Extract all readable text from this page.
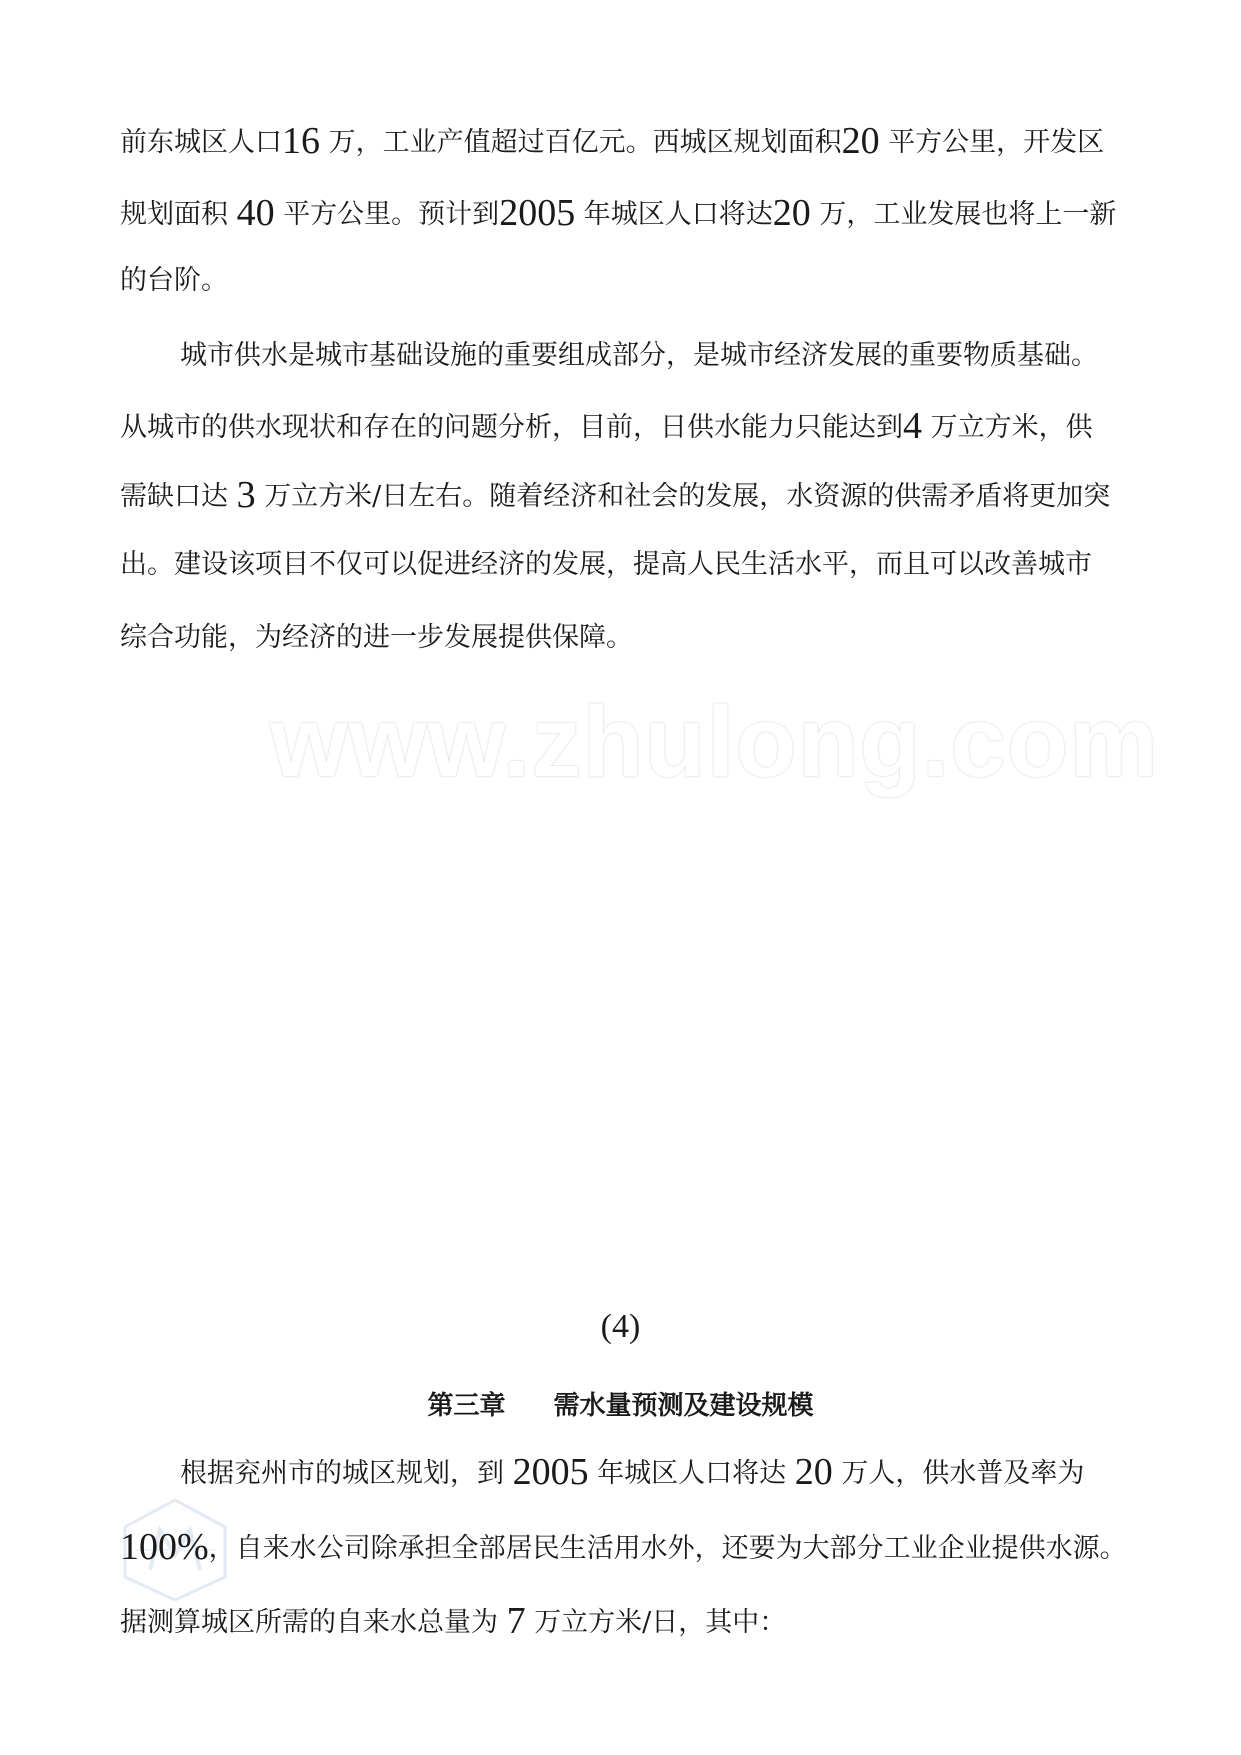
前东城区人口16 万，工业产值超过百亿元。西城区规划面积20 平方公里，开发区
规划面积 40 平方公里。预计到2005 年城区人口将达20 万，工业发展也将上一新
的台阶。
城市供水是城市基础设施的重要组成部分，是城市经济发展的重要物质基础。
从城市的供水现状和存在的问题分析，目前，日供水能力只能达到4 万立方米，供
需缺口达 3 万立方米/日左右。随着经济和社会的发展，水资源的供需矛盾将更加突
出。建设该项目不仅可以促进经济的发展，提高人民生活水平，而且可以改善城市
综合功能，为经济的进一步发展提供保障。
www.zhulong.com
(4)
第三章 需水量预测及建设规模
根据兖州市的城区规划，到 2005 年城区人口将达 20 万人，供水普及率为
100%，自来水公司除承担全部居民生活用水外，还要为大部分工业企业提供水源。
据测算城区所需的自来水总量为 7 万立方米/日，其中：
